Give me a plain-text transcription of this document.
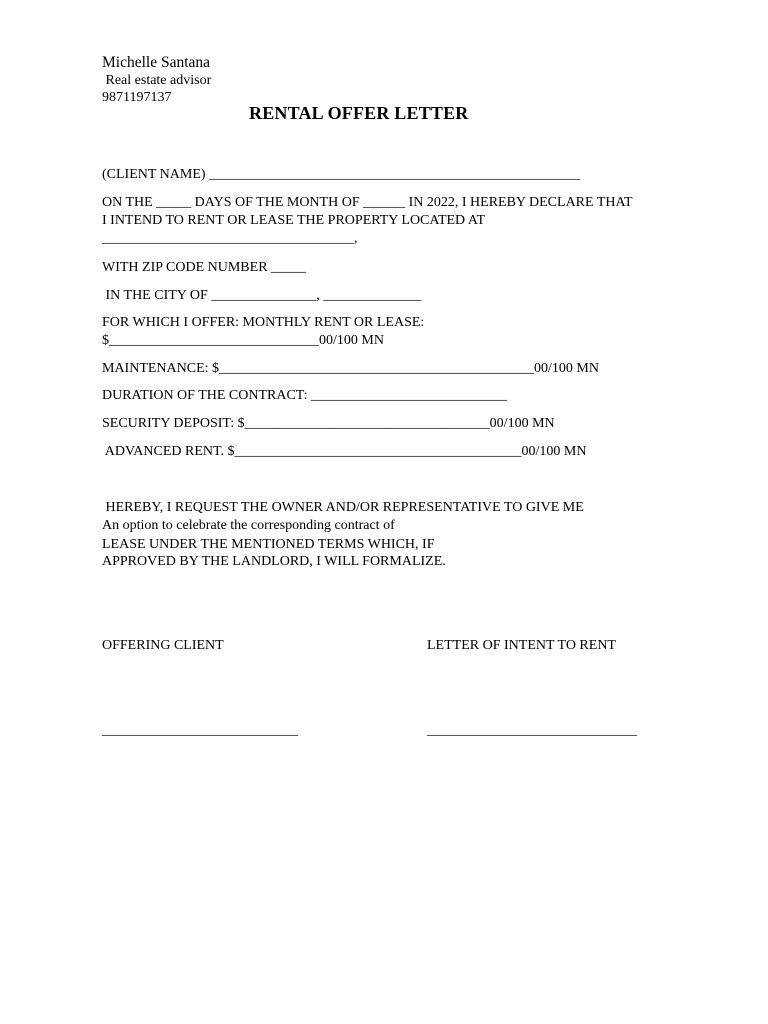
Michelle Santana
Real estate advisor
9871197137
RENTAL OFFER LETTER
(CLIENT NAME) _____________________________________________________
ON THE _____ DAYS OF THE MONTH OF ______ IN 2022, I HEREBY DECLARE THAT
I INTEND TO RENT OR LEASE THE PROPERTY LOCATED AT
____________________________________,
WITH ZIP CODE NUMBER _____
IN THE CITY OF _______________, ______________
FOR WHICH I OFFER: MONTHLY RENT OR LEASE:
$______________________________00/100 MN
MAINTENANCE: $_____________________________________________00/100 MN
DURATION OF THE CONTRACT: ____________________________
SECURITY DEPOSIT: $___________________________________00/100 MN
ADVANCED RENT. $_________________________________________00/100 MN
HEREBY, I REQUEST THE OWNER AND/OR REPRESENTATIVE TO GIVE ME
An option to celebrate the corresponding contract of
LEASE UNDER THE MENTIONED TERMS WHICH, IF
APPROVED BY THE LANDLORD, I WILL FORMALIZE.
OFFERING CLIENT	LETTER OF INTENT TO RENT
____________________________	______________________________
